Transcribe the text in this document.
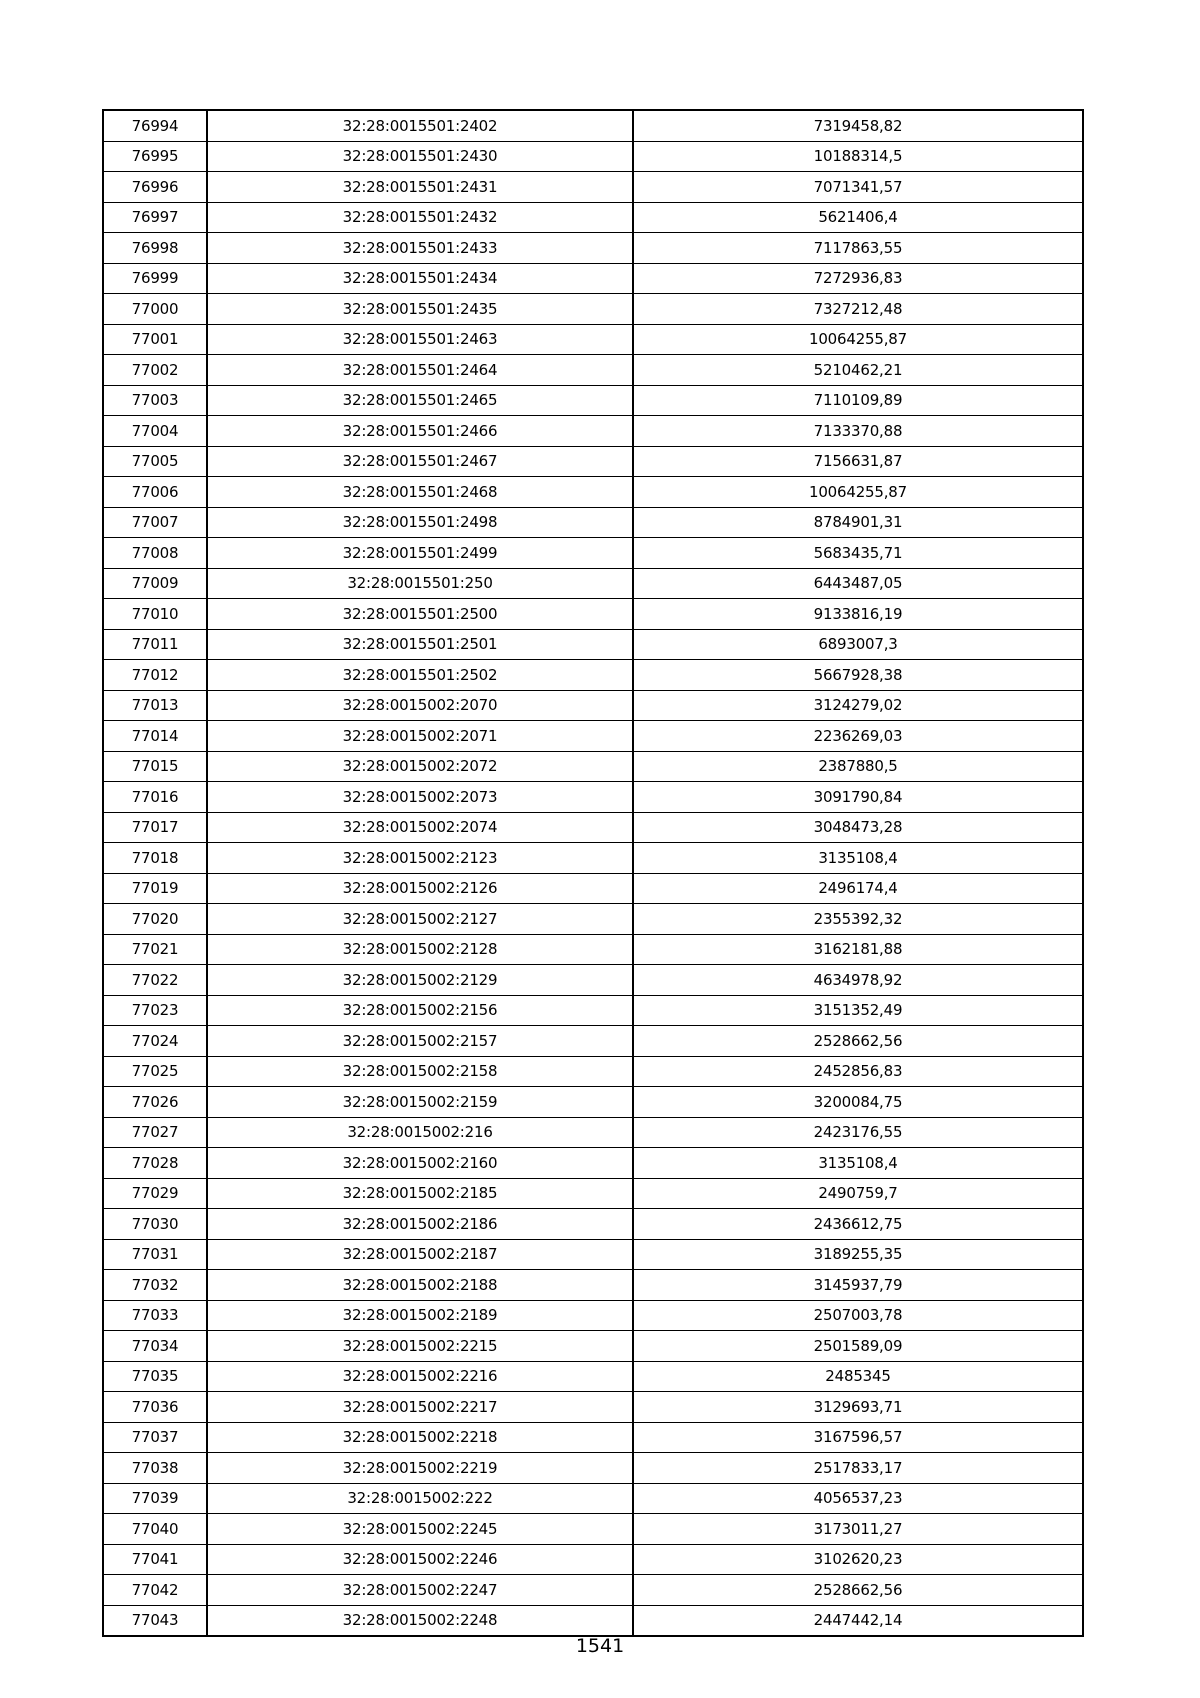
76994	32:28:0015501:2402	7319458,82
76995	32:28:0015501:2430	10188314,5
76996	32:28:0015501:2431	7071341,57
76997	32:28:0015501:2432	5621406,4
76998	32:28:0015501:2433	7117863,55
76999	32:28:0015501:2434	7272936,83
77000	32:28:0015501:2435	7327212,48
77001	32:28:0015501:2463	10064255,87
77002	32:28:0015501:2464	5210462,21
77003	32:28:0015501:2465	7110109,89
77004	32:28:0015501:2466	7133370,88
77005	32:28:0015501:2467	7156631,87
77006	32:28:0015501:2468	10064255,87
77007	32:28:0015501:2498	8784901,31
77008	32:28:0015501:2499	5683435,71
77009	32:28:0015501:250	6443487,05
77010	32:28:0015501:2500	9133816,19
77011	32:28:0015501:2501	6893007,3
77012	32:28:0015501:2502	5667928,38
77013	32:28:0015002:2070	3124279,02
77014	32:28:0015002:2071	2236269,03
77015	32:28:0015002:2072	2387880,5
77016	32:28:0015002:2073	3091790,84
77017	32:28:0015002:2074	3048473,28
77018	32:28:0015002:2123	3135108,4
77019	32:28:0015002:2126	2496174,4
77020	32:28:0015002:2127	2355392,32
77021	32:28:0015002:2128	3162181,88
77022	32:28:0015002:2129	4634978,92
77023	32:28:0015002:2156	3151352,49
77024	32:28:0015002:2157	2528662,56
77025	32:28:0015002:2158	2452856,83
77026	32:28:0015002:2159	3200084,75
77027	32:28:0015002:216	2423176,55
77028	32:28:0015002:2160	3135108,4
77029	32:28:0015002:2185	2490759,7
77030	32:28:0015002:2186	2436612,75
77031	32:28:0015002:2187	3189255,35
77032	32:28:0015002:2188	3145937,79
77033	32:28:0015002:2189	2507003,78
77034	32:28:0015002:2215	2501589,09
77035	32:28:0015002:2216	2485345
77036	32:28:0015002:2217	3129693,71
77037	32:28:0015002:2218	3167596,57
77038	32:28:0015002:2219	2517833,17
77039	32:28:0015002:222	4056537,23
77040	32:28:0015002:2245	3173011,27
77041	32:28:0015002:2246	3102620,23
77042	32:28:0015002:2247	2528662,56
77043	32:28:0015002:2248	2447442,14
1541
